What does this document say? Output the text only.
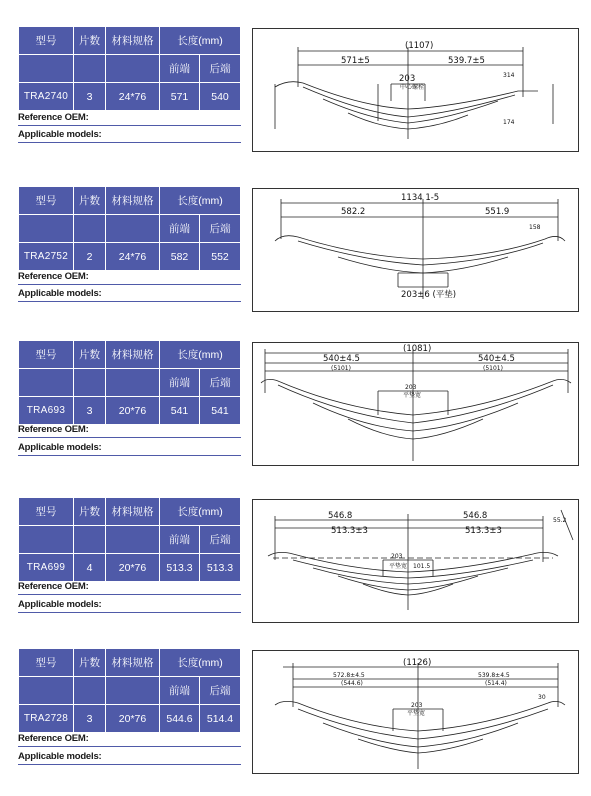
型号	片数	材料规格	长度(mm)	
			前端	后端
TRA2740	3	24*76	571	540
Reference OEM:
Applicable models:
(1107)
571±5	539.7±5
203
中心螺栓
314
174
型号	片数	材料规格	长度(mm)	
			前端	后端
TRA2752	2	24*76	582	552
Reference OEM:
Applicable models:
1134 1-5
582.2	551.9
203±6 (平垫)
158
型号	片数	材料规格	长度(mm)	
			前端	后端
TRA693	3	20*76	541	541
Reference OEM:
Applicable models:
(1081)
540±4.5	540±4.5
(5101)	(5101)
203
平垫宽
型号	片数	材料规格	长度(mm)	
			前端	后端
TRA699	4	20*76	513.3	513.3
Reference OEM:
Applicable models:
546.8	546.8
513.3±3	513.3±3
203
平垫宽 101.5
55.2
型号	片数	材料规格	长度(mm)	
			前端	后端
TRA2728	3	20*76	544.6	514.4
Reference OEM:
Applicable models:
(1126)
572.8±4.5	539.8±4.5
(544.6)	(514.4)
203
平垫宽
30
